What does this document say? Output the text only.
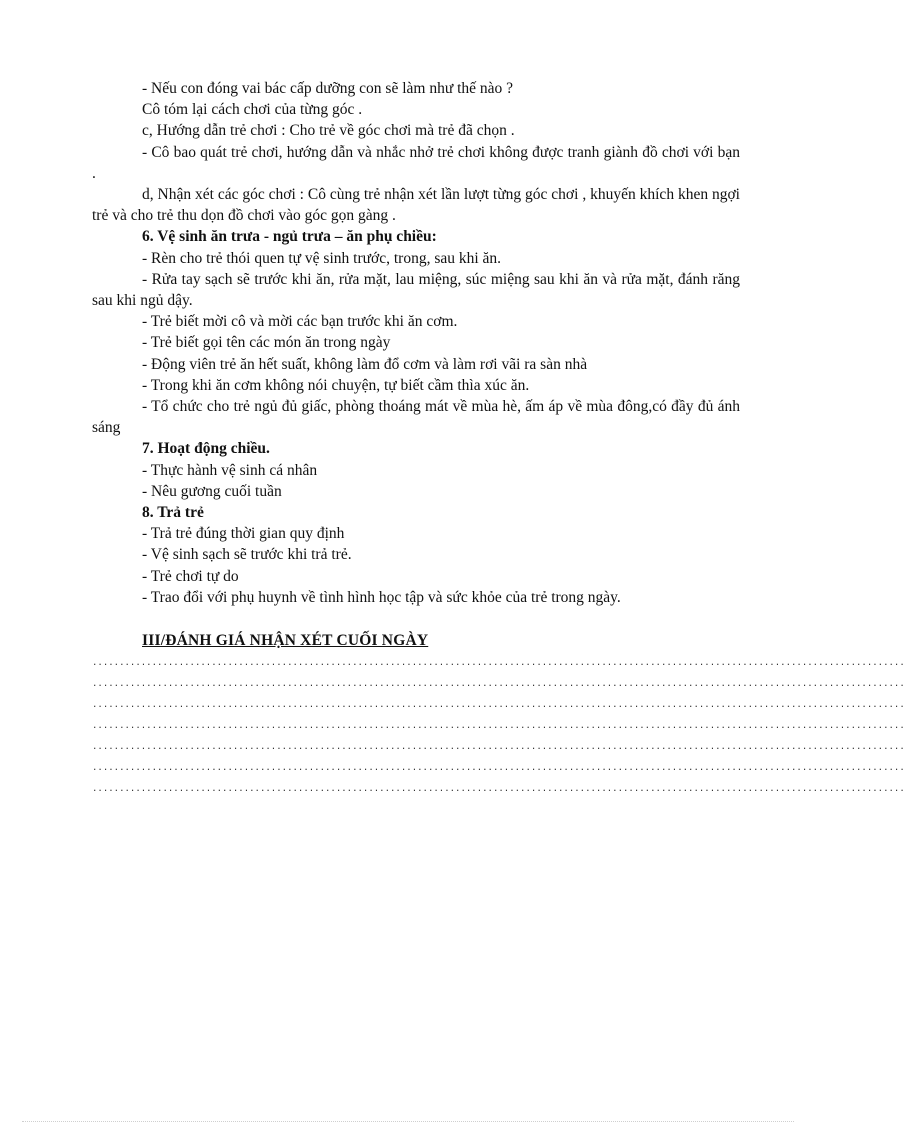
- Nếu con đóng vai bác cấp dưỡng con sẽ làm như thế nào ?

Cô tóm lại cách chơi của từng góc .

c, Hướng dẫn trẻ chơi : Cho trẻ về góc chơi mà trẻ đã chọn .

- Cô bao quát trẻ chơi, hướng dẫn và nhắc nhở trẻ chơi không được tranh giành đồ chơi với bạn .

d, Nhận xét các góc chơi : Cô cùng trẻ nhận xét lần lượt từng góc chơi , khuyến khích khen ngợi trẻ và cho trẻ thu dọn đồ chơi vào góc gọn gàng .

6. Vệ sinh ăn trưa - ngủ trưa – ăn phụ chiều:

- Rèn cho trẻ thói quen tự vệ sinh trước, trong, sau khi ăn.

- Rửa tay sạch sẽ trước khi ăn, rửa mặt, lau miệng, súc miệng sau khi ăn và rửa mặt, đánh răng sau khi ngủ dậy.

- Trẻ biết mời cô và mời các bạn trước khi ăn cơm.

- Trẻ biết gọi tên các món ăn trong ngày

- Động viên trẻ ăn hết suất, không làm đổ cơm và làm rơi vãi ra sàn nhà

- Trong khi ăn cơm không nói chuyện, tự biết cầm thìa xúc ăn.

- Tổ chức cho trẻ ngủ đủ giấc, phòng thoáng mát về mùa hè, ấm áp về mùa đông,có đầy đủ ánh sáng

7. Hoạt động chiều.

- Thực hành vệ sinh cá nhân

- Nêu gương cuối tuần

8. Trả trẻ

- Trả trẻ đúng thời gian quy định

- Vệ sinh sạch sẽ trước khi trả trẻ.

- Trẻ chơi tự do

- Trao đổi với phụ huynh về tình hình học tập và sức khỏe của trẻ trong ngày.

III/ĐÁNH GIÁ NHẬN XÉT CUỐI NGÀY

......................................................................................................................................................
......................................................................................................................................................
......................................................................................................................................................
......................................................................................................................................................
......................................................................................................................................................
......................................................................................................................................................
......................................................................................................................................................
